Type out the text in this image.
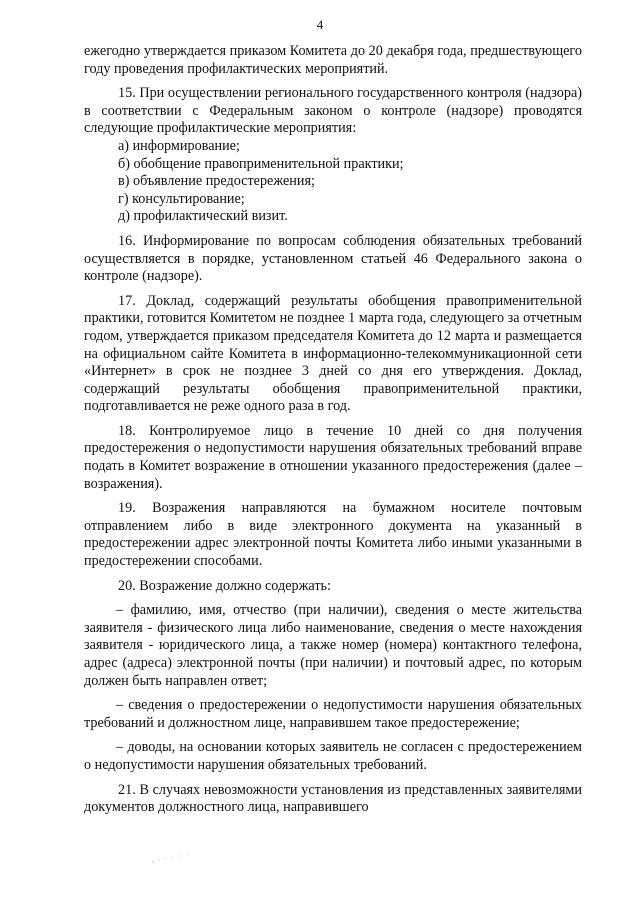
4

ежегодно утверждается приказом Комитета до 20 декабря года, предшествующего году проведения профилактических мероприятий.

15. При осуществлении регионального государственного контроля (надзора) в соответствии с Федеральным законом о контроле (надзоре) проводятся следующие профилактические мероприятия:

а) информирование;

б) обобщение правоприменительной практики;

в) объявление предостережения;

г) консультирование;

д) профилактический визит.

16. Информирование по вопросам соблюдения обязательных требований осуществляется в порядке, установленном статьей 46 Федерального закона о контроле (надзоре).

17. Доклад, содержащий результаты обобщения правоприменительной практики, готовится Комитетом не позднее 1 марта года, следующего за отчетным годом, утверждается приказом председателя Комитета до 12 марта и размещается на официальном сайте Комитета в информационно-телекоммуникационной сети «Интернет» в срок не позднее 3 дней со дня его утверждения. Доклад, содержащий результаты обобщения правоприменительной практики, подготавливается не реже одного раза в год.

18. Контролируемое лицо в течение 10 дней со дня получения предостережения о недопустимости нарушения обязательных требований вправе подать в Комитет возражение в отношении указанного предостережения (далее – возражения).

19. Возражения направляются на бумажном носителе почтовым отправлением либо в виде электронного документа на указанный в предостережении адрес электронной почты Комитета либо иными указанными в предостережении способами.

20. Возражение должно содержать:

– фамилию, имя, отчество (при наличии), сведения о месте жительства заявителя - физического лица либо наименование, сведения о месте нахождения заявителя - юридического лица, а также номер (номера) контактного телефона, адрес (адреса) электронной почты (при наличии) и почтовый адрес, по которым должен быть направлен ответ;

– сведения о предостережении о недопустимости нарушения обязательных требований и должностном лице, направившем такое предостережение;

– доводы, на основании которых заявитель не согласен с предостережением о недопустимости нарушения обязательных требований.

21. В случаях невозможности установления из представленных заявителями документов должностного лица, направившего
